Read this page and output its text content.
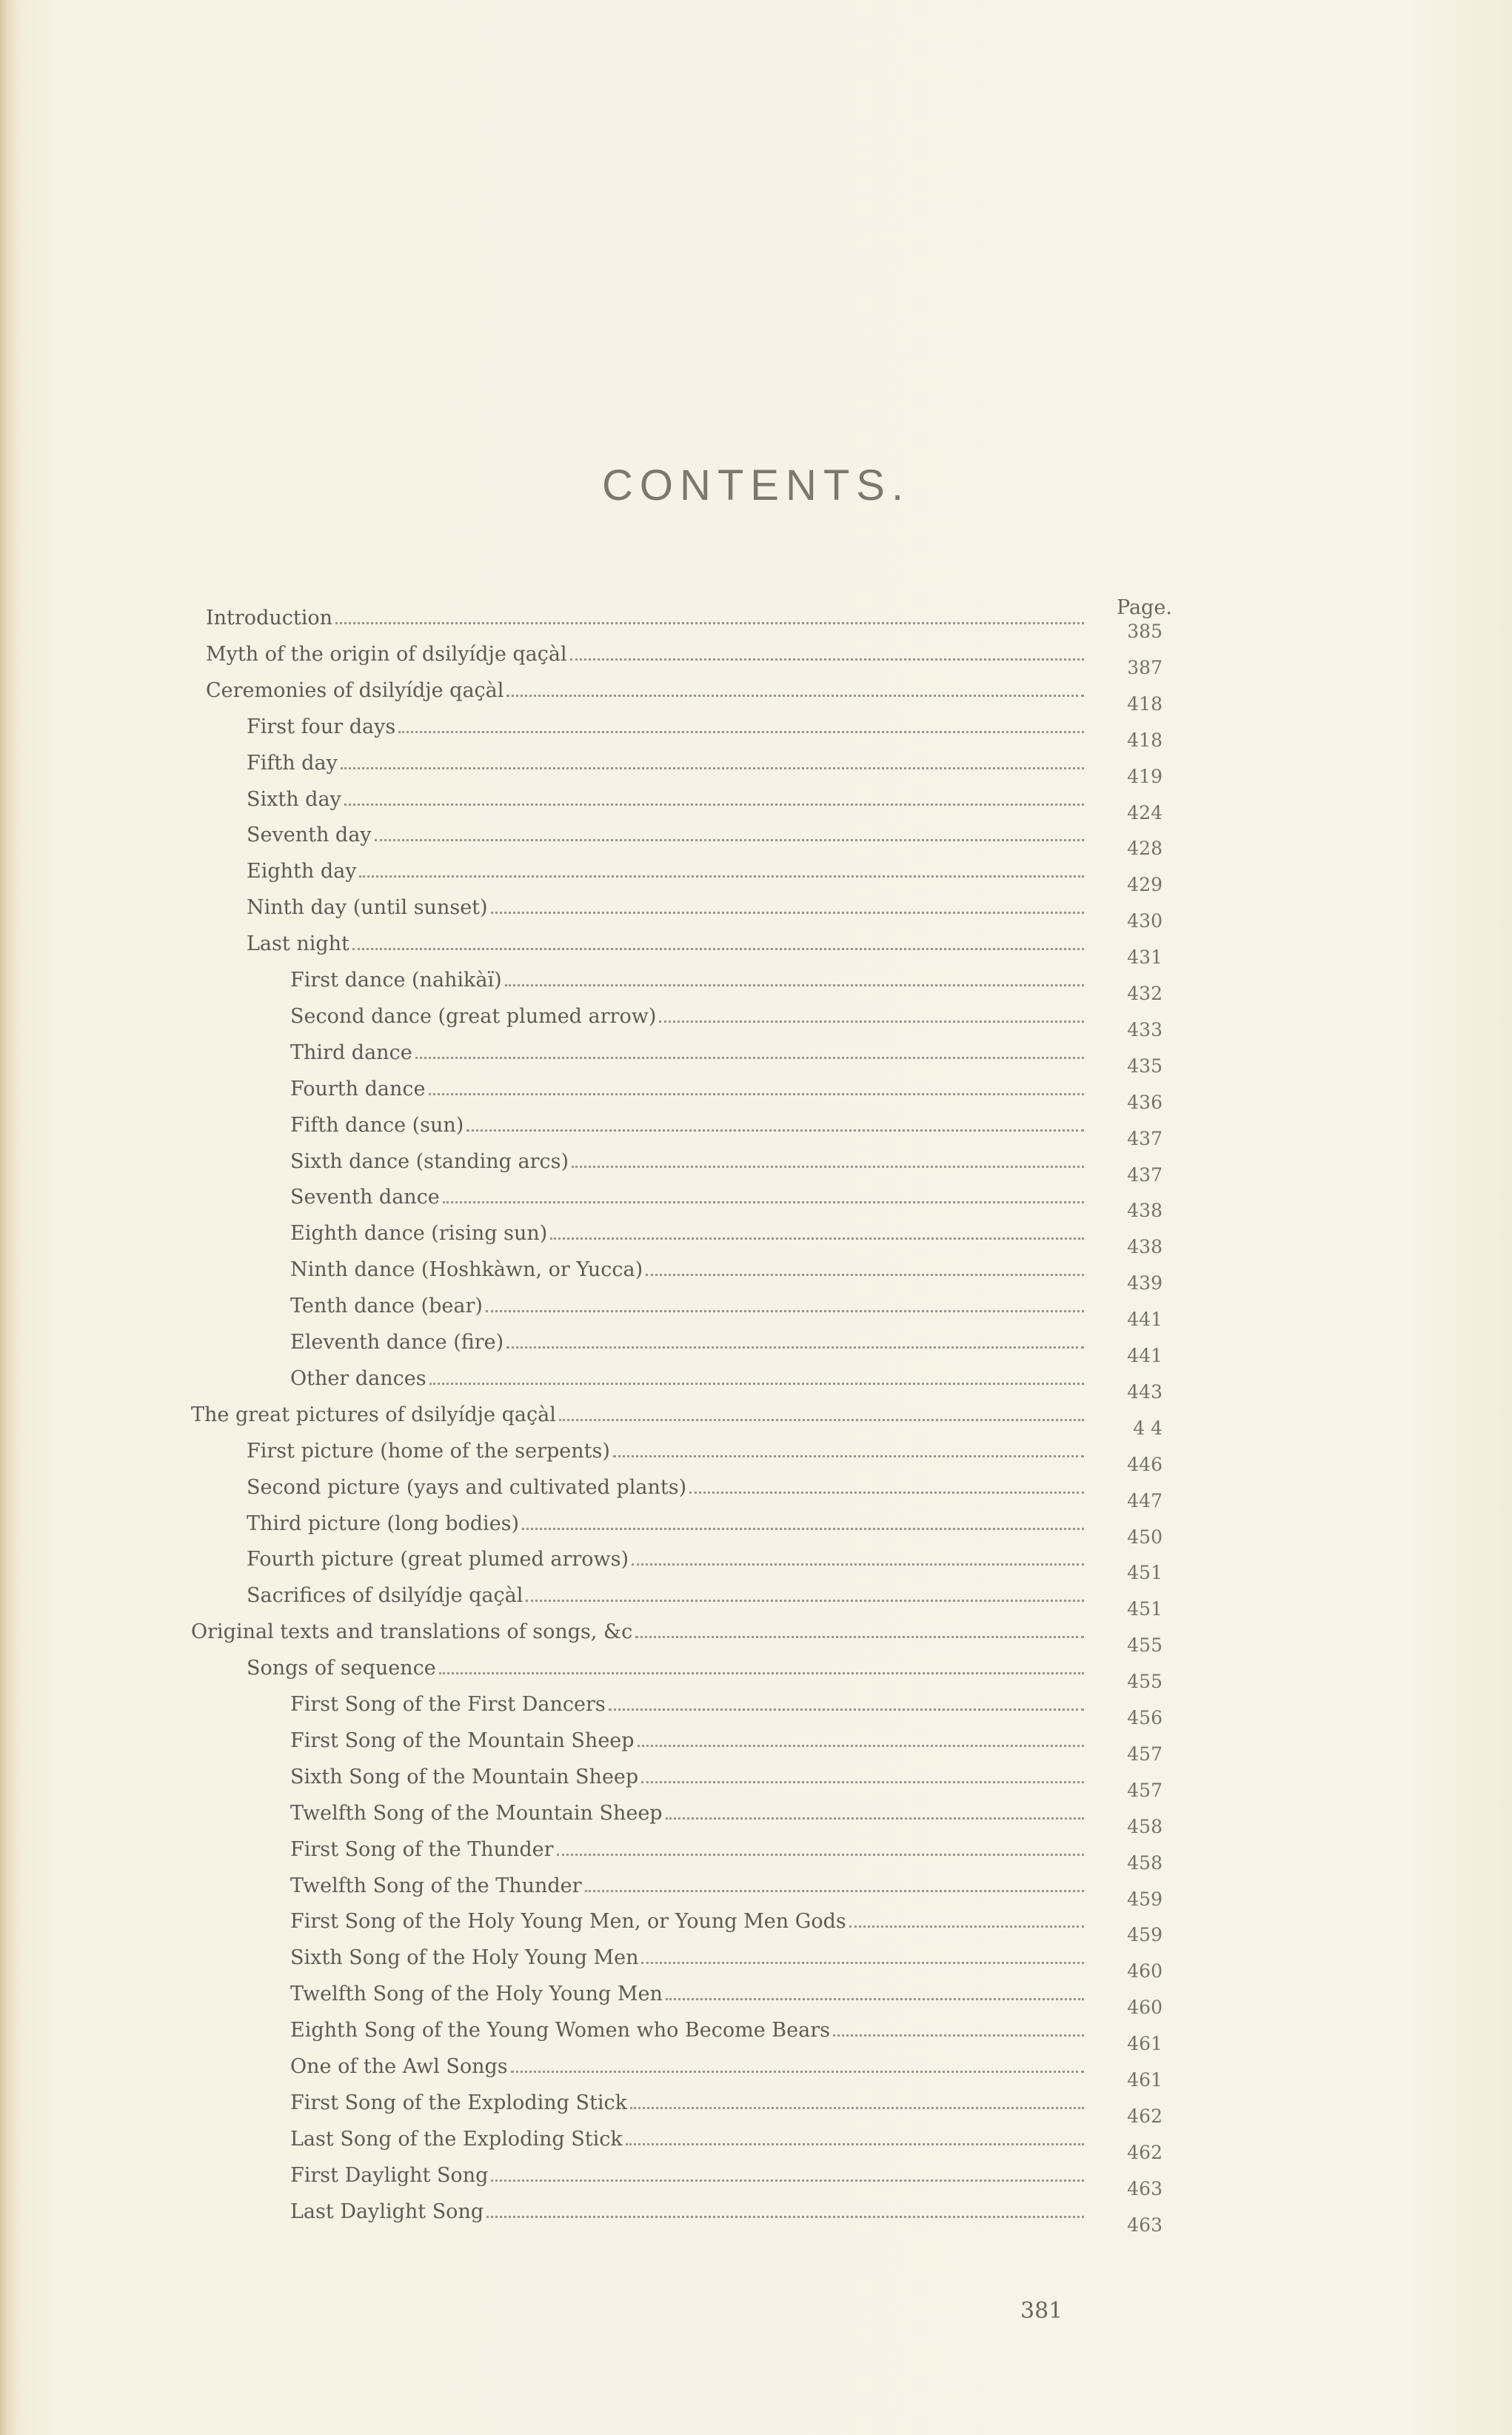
CONTENTS.
Page.
Introduction
385
Myth of the origin of dsilyídje qaçàl
387
Ceremonies of dsilyídje qaçàl
418
First four days
418
Fifth day
419
Sixth day
424
Seventh day
428
Eighth day
429
Ninth day (until sunset)
430
Last night
431
First dance (nahikàï)
432
Second dance (great plumed arrow)
433
Third dance
435
Fourth dance
436
Fifth dance (sun)
437
Sixth dance (standing arcs)
437
Seventh dance
438
Eighth dance (rising sun)
438
Ninth dance (Hoshkàwn, or Yucca)
439
Tenth dance (bear)
441
Eleventh dance (fire)
441
Other dances
443
The great pictures of dsilyídje qaçàl
4 4
First picture (home of the serpents)
446
Second picture (yays and cultivated plants)
447
Third picture (long bodies)
450
Fourth picture (great plumed arrows)
451
Sacrifices of dsilyídje qaçàl
451
Original texts and translations of songs, &c
455
Songs of sequence
455
First Song of the First Dancers
456
First Song of the Mountain Sheep
457
Sixth Song of the Mountain Sheep
457
Twelfth Song of the Mountain Sheep
458
First Song of the Thunder
458
Twelfth Song of the Thunder
459
First Song of the Holy Young Men, or Young Men Gods
459
Sixth Song of the Holy Young Men
460
Twelfth Song of the Holy Young Men
460
Eighth Song of the Young Women who Become Bears
461
One of the Awl Songs
461
First Song of the Exploding Stick
462
Last Song of the Exploding Stick
462
First Daylight Song
463
Last Daylight Song
463
381
